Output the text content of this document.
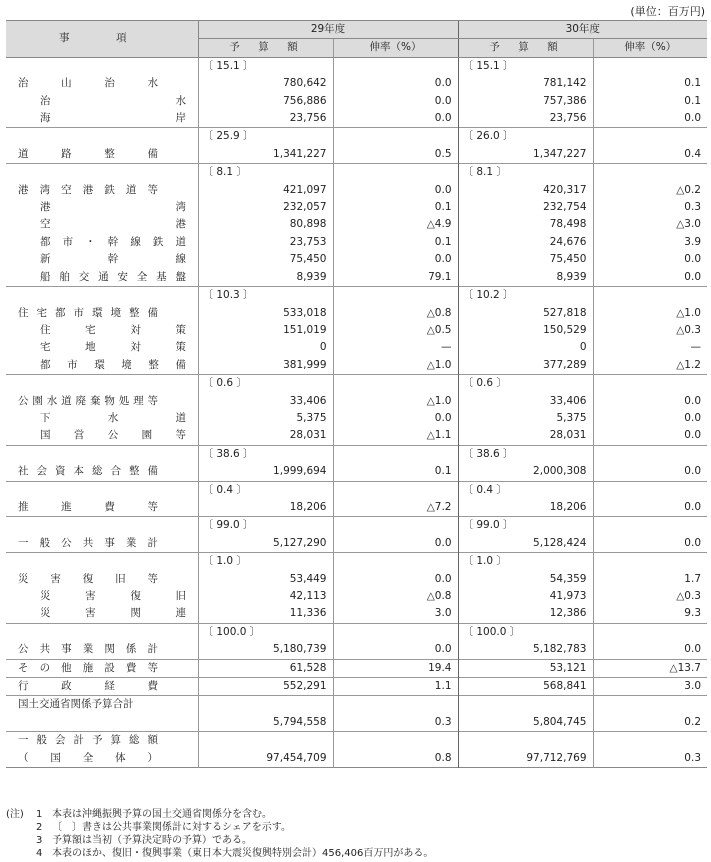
(単位：百万円)
事　項	29年度		30年度	
	予　算　額	伸率（%）	予　算　額	伸率（%）
	〔 15.1 〕		〔 15.1 〕	
治山治水	780,642	0.0	781,142	0.1
治水	756,886	0.0	757,386	0.1
海岸	23,756	0.0	23,756	0.0
	〔 25.9 〕		〔 26.0 〕	
道路整備	1,341,227	0.5	1,347,227	0.4
	〔 8.1 〕		〔 8.1 〕	
港湾空港鉄道等	421,097	0.0	420,317	△0.2
港湾	232,057	0.1	232,754	0.3
空港	80,898	△4.9	78,498	△3.0
都市・幹線鉄道	23,753	0.1	24,676	3.9
新幹線	75,450	0.0	75,450	0.0
船舶交通安全基盤	8,939	79.1	8,939	0.0
	〔 10.3 〕		〔 10.2 〕	
住宅都市環境整備	533,018	△0.8	527,818	△1.0
住宅対策	151,019	△0.5	150,529	△0.3
宅地対策	0	—	0	—
都市環境整備	381,999	△1.0	377,289	△1.2
	〔 0.6 〕		〔 0.6 〕	
公園水道廃棄物処理等	33,406	△1.0	33,406	0.0
下水道	5,375	0.0	5,375	0.0
国営公園等	28,031	△1.1	28,031	0.0
	〔 38.6 〕		〔 38.6 〕	
社会資本総合整備	1,999,694	0.1	2,000,308	0.0
	〔 0.4 〕		〔 0.4 〕	
推進費等	18,206	△7.2	18,206	0.0
	〔 99.0 〕		〔 99.0 〕	
一般公共事業計	5,127,290	0.0	5,128,424	0.0
	〔 1.0 〕		〔 1.0 〕	
災害復旧等	53,449	0.0	54,359	1.7
災害復旧	42,113	△0.8	41,973	△0.3
災害関連	11,336	3.0	12,386	9.3
	〔 100.0 〕		〔 100.0 〕	
公共事業関係計	5,180,739	0.0	5,182,783	0.0
その他施設費等	61,528	19.4	53,121	△13.7
行政経費	552,291	1.1	568,841	3.0
国土交通省関係予算合計				
	5,794,558	0.3	5,804,745	0.2
一般会計予算総額				
（国全体）	97,454,709	0.8	97,712,769	0.3
(注) 1 本表は沖縄振興予算の国土交通省関係分を含む。
2 〔　〕書きは公共事業関係計に対するシェアを示す。
3 予算額は当初（予算決定時の予算）である。
4 本表のほか、復旧・復興事業（東日本大震災復興特別会計）456,406百万円がある。
